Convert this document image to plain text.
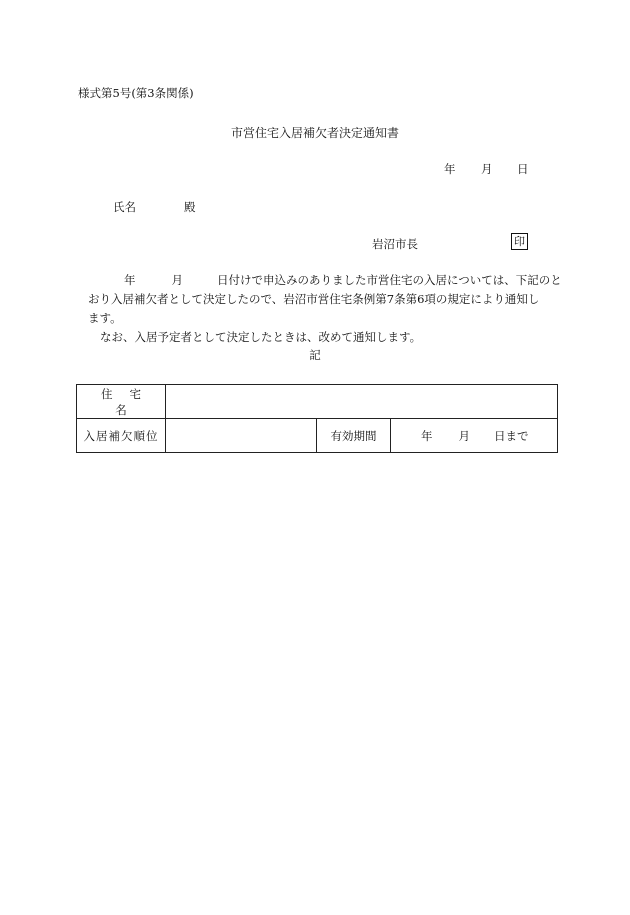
様式第5号(第3条関係)
市営住宅入居補欠者決定通知書
年 月 日
氏名	殿
岩沼市長	印
年	月	日付けで申込みのありました市営住宅の入居については、下記のと
おり入居補欠者として決定したので、岩沼市営住宅条例第7条第6項の規定により通知し
ます。
なお、入居予定者として決定したときは、改めて通知します。
記
住宅名			
入居補欠順位		有効期間	年 月 日まで
